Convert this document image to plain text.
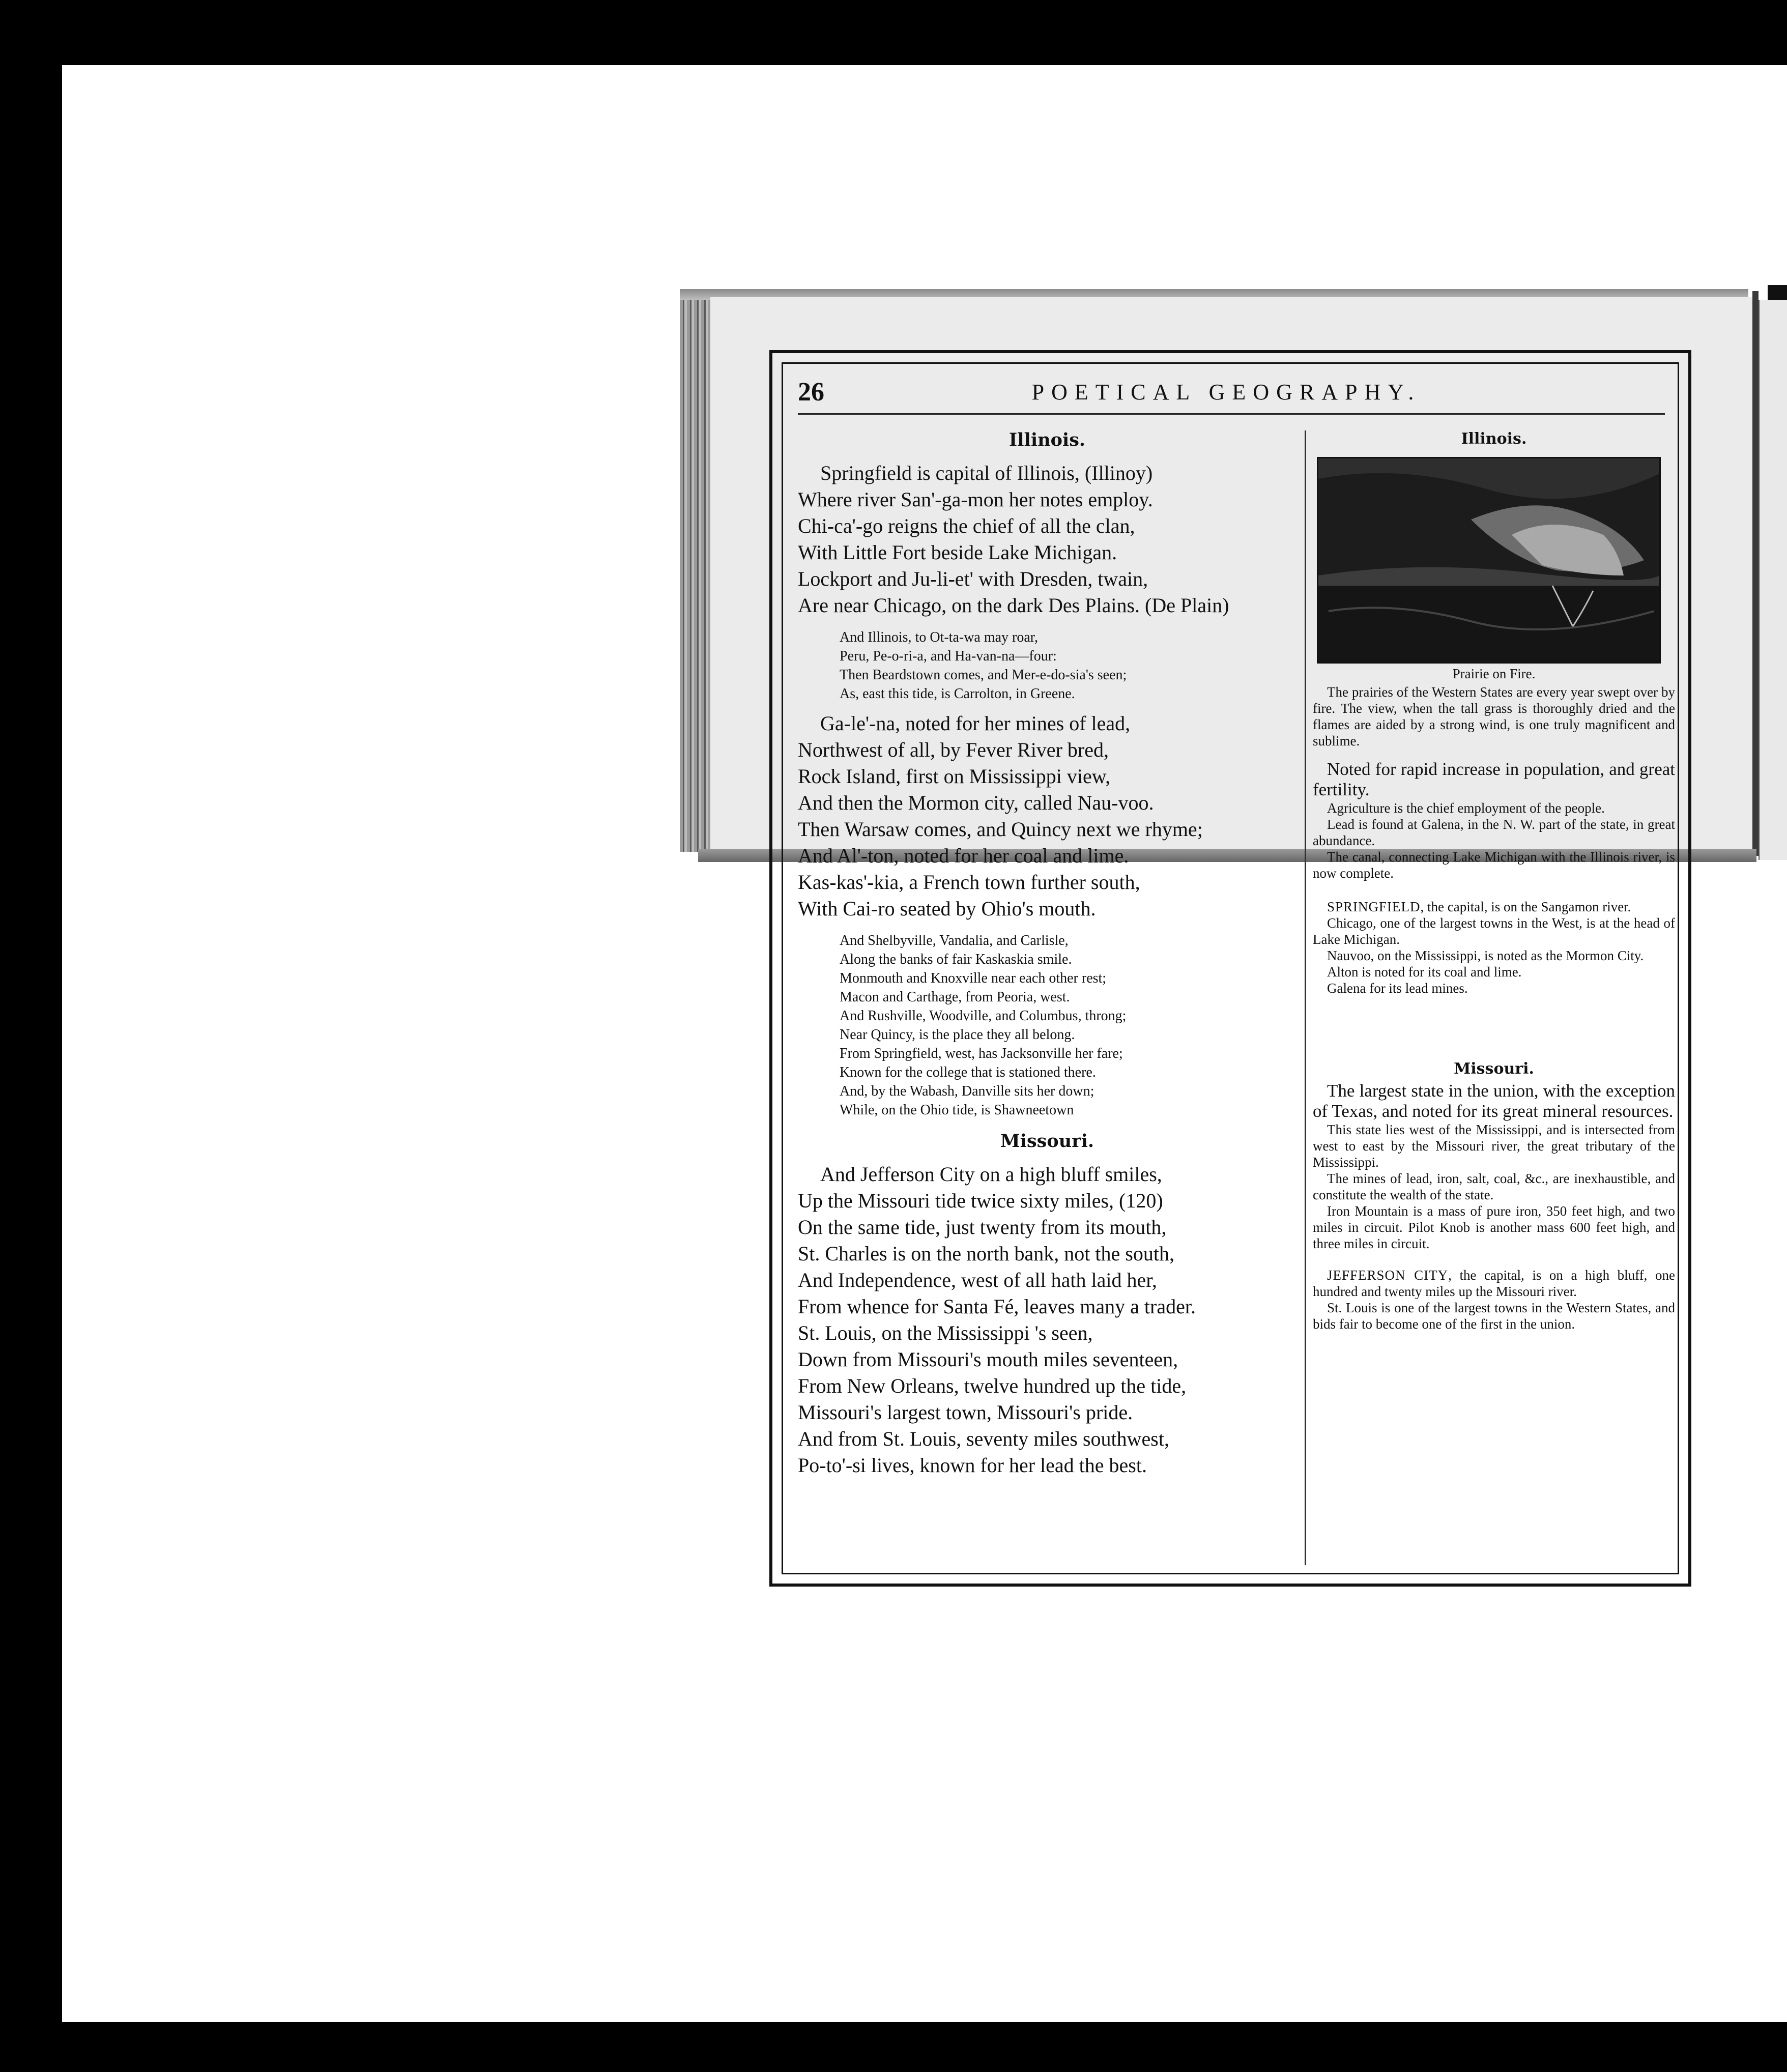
26	POETICAL GEOGRAPHY.
Illinois.
Springfield is capital of Illinois, (Illinoy)
Where river San'-ga-mon her notes employ.
Chi-ca'-go reigns the chief of all the clan,
With Little Fort beside Lake Michigan.
Lockport and Ju-li-et' with Dresden, twain,
Are near Chicago, on the dark Des Plains. (De Plain)
And Illinois, to Ot-ta-wa may roar,
Peru, Pe-o-ri-a, and Ha-van-na—four:
Then Beardstown comes, and Mer-e-do-sia's seen;
As, east this tide, is Carrolton, in Greene.
Ga-le'-na, noted for her mines of lead,
Northwest of all, by Fever River bred,
Rock Island, first on Mississippi view,
And then the Mormon city, called Nau-voo.
Then Warsaw comes, and Quincy next we rhyme;
And Al'-ton, noted for her coal and lime.
Kas-kas'-kia, a French town further south,
With Cai-ro seated by Ohio's mouth.
And Shelbyville, Vandalia, and Carlisle,
Along the banks of fair Kaskaskia smile.
Monmouth and Knoxville near each other rest;
Macon and Carthage, from Peoria, west.
And Rushville, Woodville, and Columbus, throng;
Near Quincy, is the place they all belong.
From Springfield, west, has Jacksonville her fare;
Known for the college that is stationed there.
And, by the Wabash, Danville sits her down;
While, on the Ohio tide, is Shawneetown
Missouri.
And Jefferson City on a high bluff smiles,
Up the Missouri tide twice sixty miles, (120)
On the same tide, just twenty from its mouth,
St. Charles is on the north bank, not the south,
And Independence, west of all hath laid her,
From whence for Santa Fé, leaves many a trader.
St. Louis, on the Mississippi 's seen,
Down from Missouri's mouth miles seventeen,
From New Orleans, twelve hundred up the tide,
Missouri's largest town, Missouri's pride.
And from St. Louis, seventy miles southwest,
Po-to'-si lives, known for her lead the best.
Illinois.
Prairie on Fire.

The prairies of the Western States are every year swept over by fire. The view, when the tall grass is thoroughly dried and the flames are aided by a strong wind, is one truly magnificent and sublime.

Noted for rapid increase in population, and great fertility.

Agriculture is the chief employment of the people.

Lead is found at Galena, in the N. W. part of the state, in great abundance.

The canal, connecting Lake Michigan with the Illinois river, is now complete.

SPRINGFIELD, the capital, is on the Sangamon river.

Chicago, one of the largest towns in the West, is at the head of Lake Michigan.

Nauvoo, on the Mississippi, is noted as the Mormon City.

Alton is noted for its coal and lime.

Galena for its lead mines.

Missouri.

The largest state in the union, with the exception of Texas, and noted for its great mineral resources.

This state lies west of the Mississippi, and is intersected from west to east by the Missouri river, the great tributary of the Mississippi.

The mines of lead, iron, salt, coal, &c., are inexhaustible, and constitute the wealth of the state.

Iron Mountain is a mass of pure iron, 350 feet high, and two miles in circuit. Pilot Knob is another mass 600 feet high, and three miles in circuit.

JEFFERSON CITY, the capital, is on a high bluff, one hundred and twenty miles up the Missouri river.

St. Louis is one of the largest towns in the Western States, and bids fair to become one of the first in the union.
